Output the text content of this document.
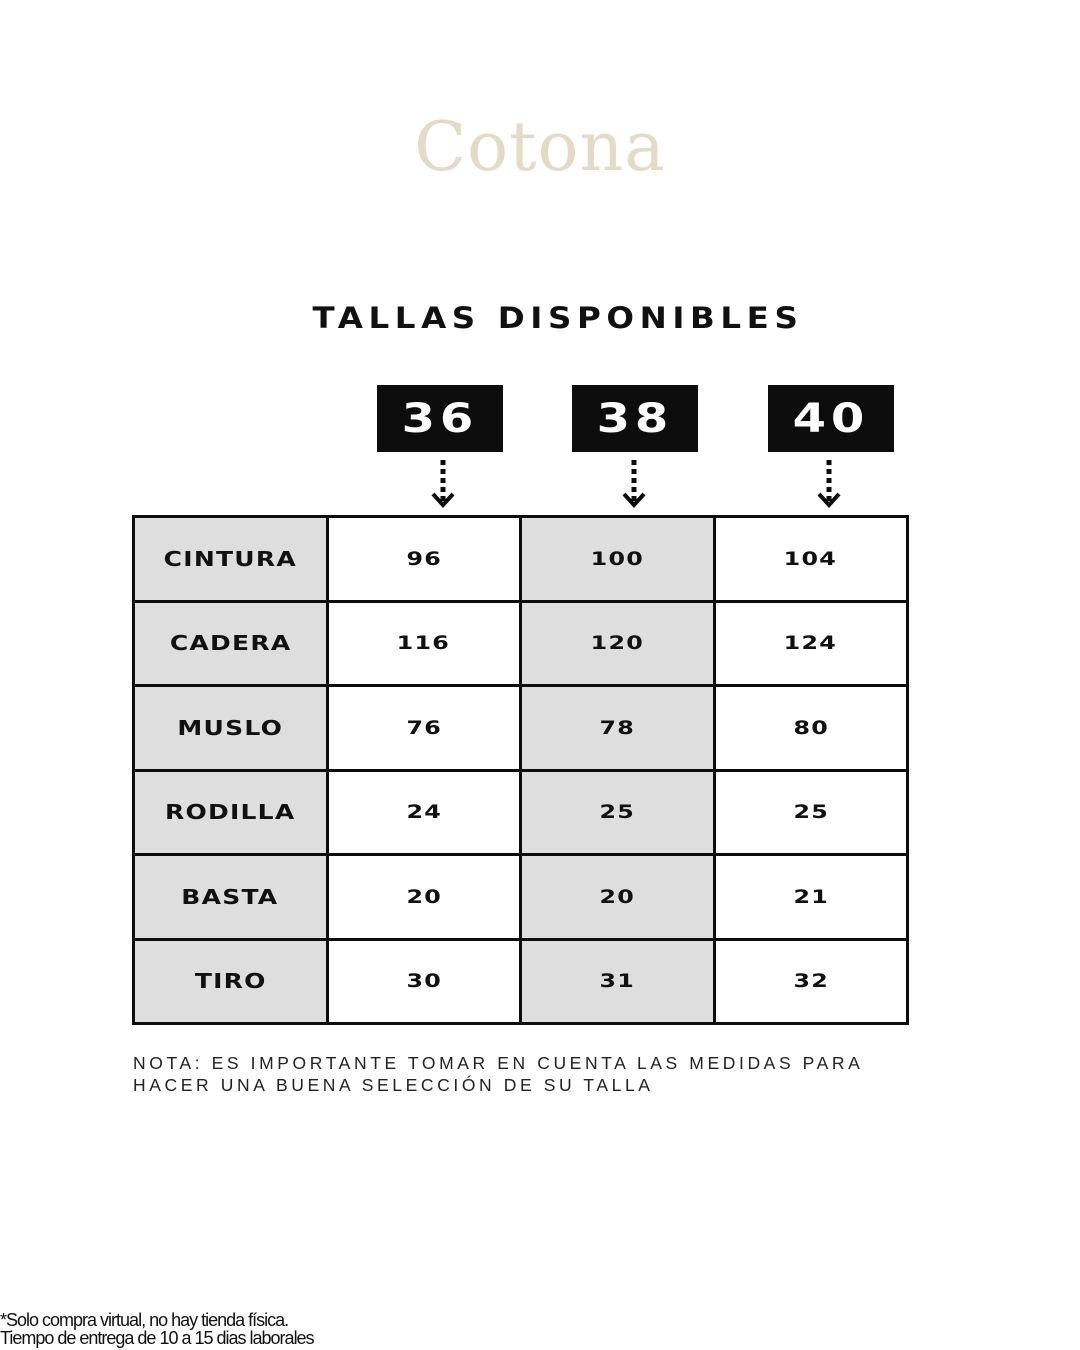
Cotona
TALLAS DISPONIBLES
36	38	40
CINTURA	96	100	104
CADERA	116	120	124
MUSLO	76	78	80
RODILLA	24	25	25
BASTA	20	20	21
TIRO	30	31	32
NOTA: ES IMPORTANTE TOMAR EN CUENTA LAS MEDIDAS PARA HACER UNA BUENA SELECCIÓN DE SU TALLA
*Solo compra virtual, no hay tienda física.
Tiempo de entrega de 10 a 15 dias laborales
